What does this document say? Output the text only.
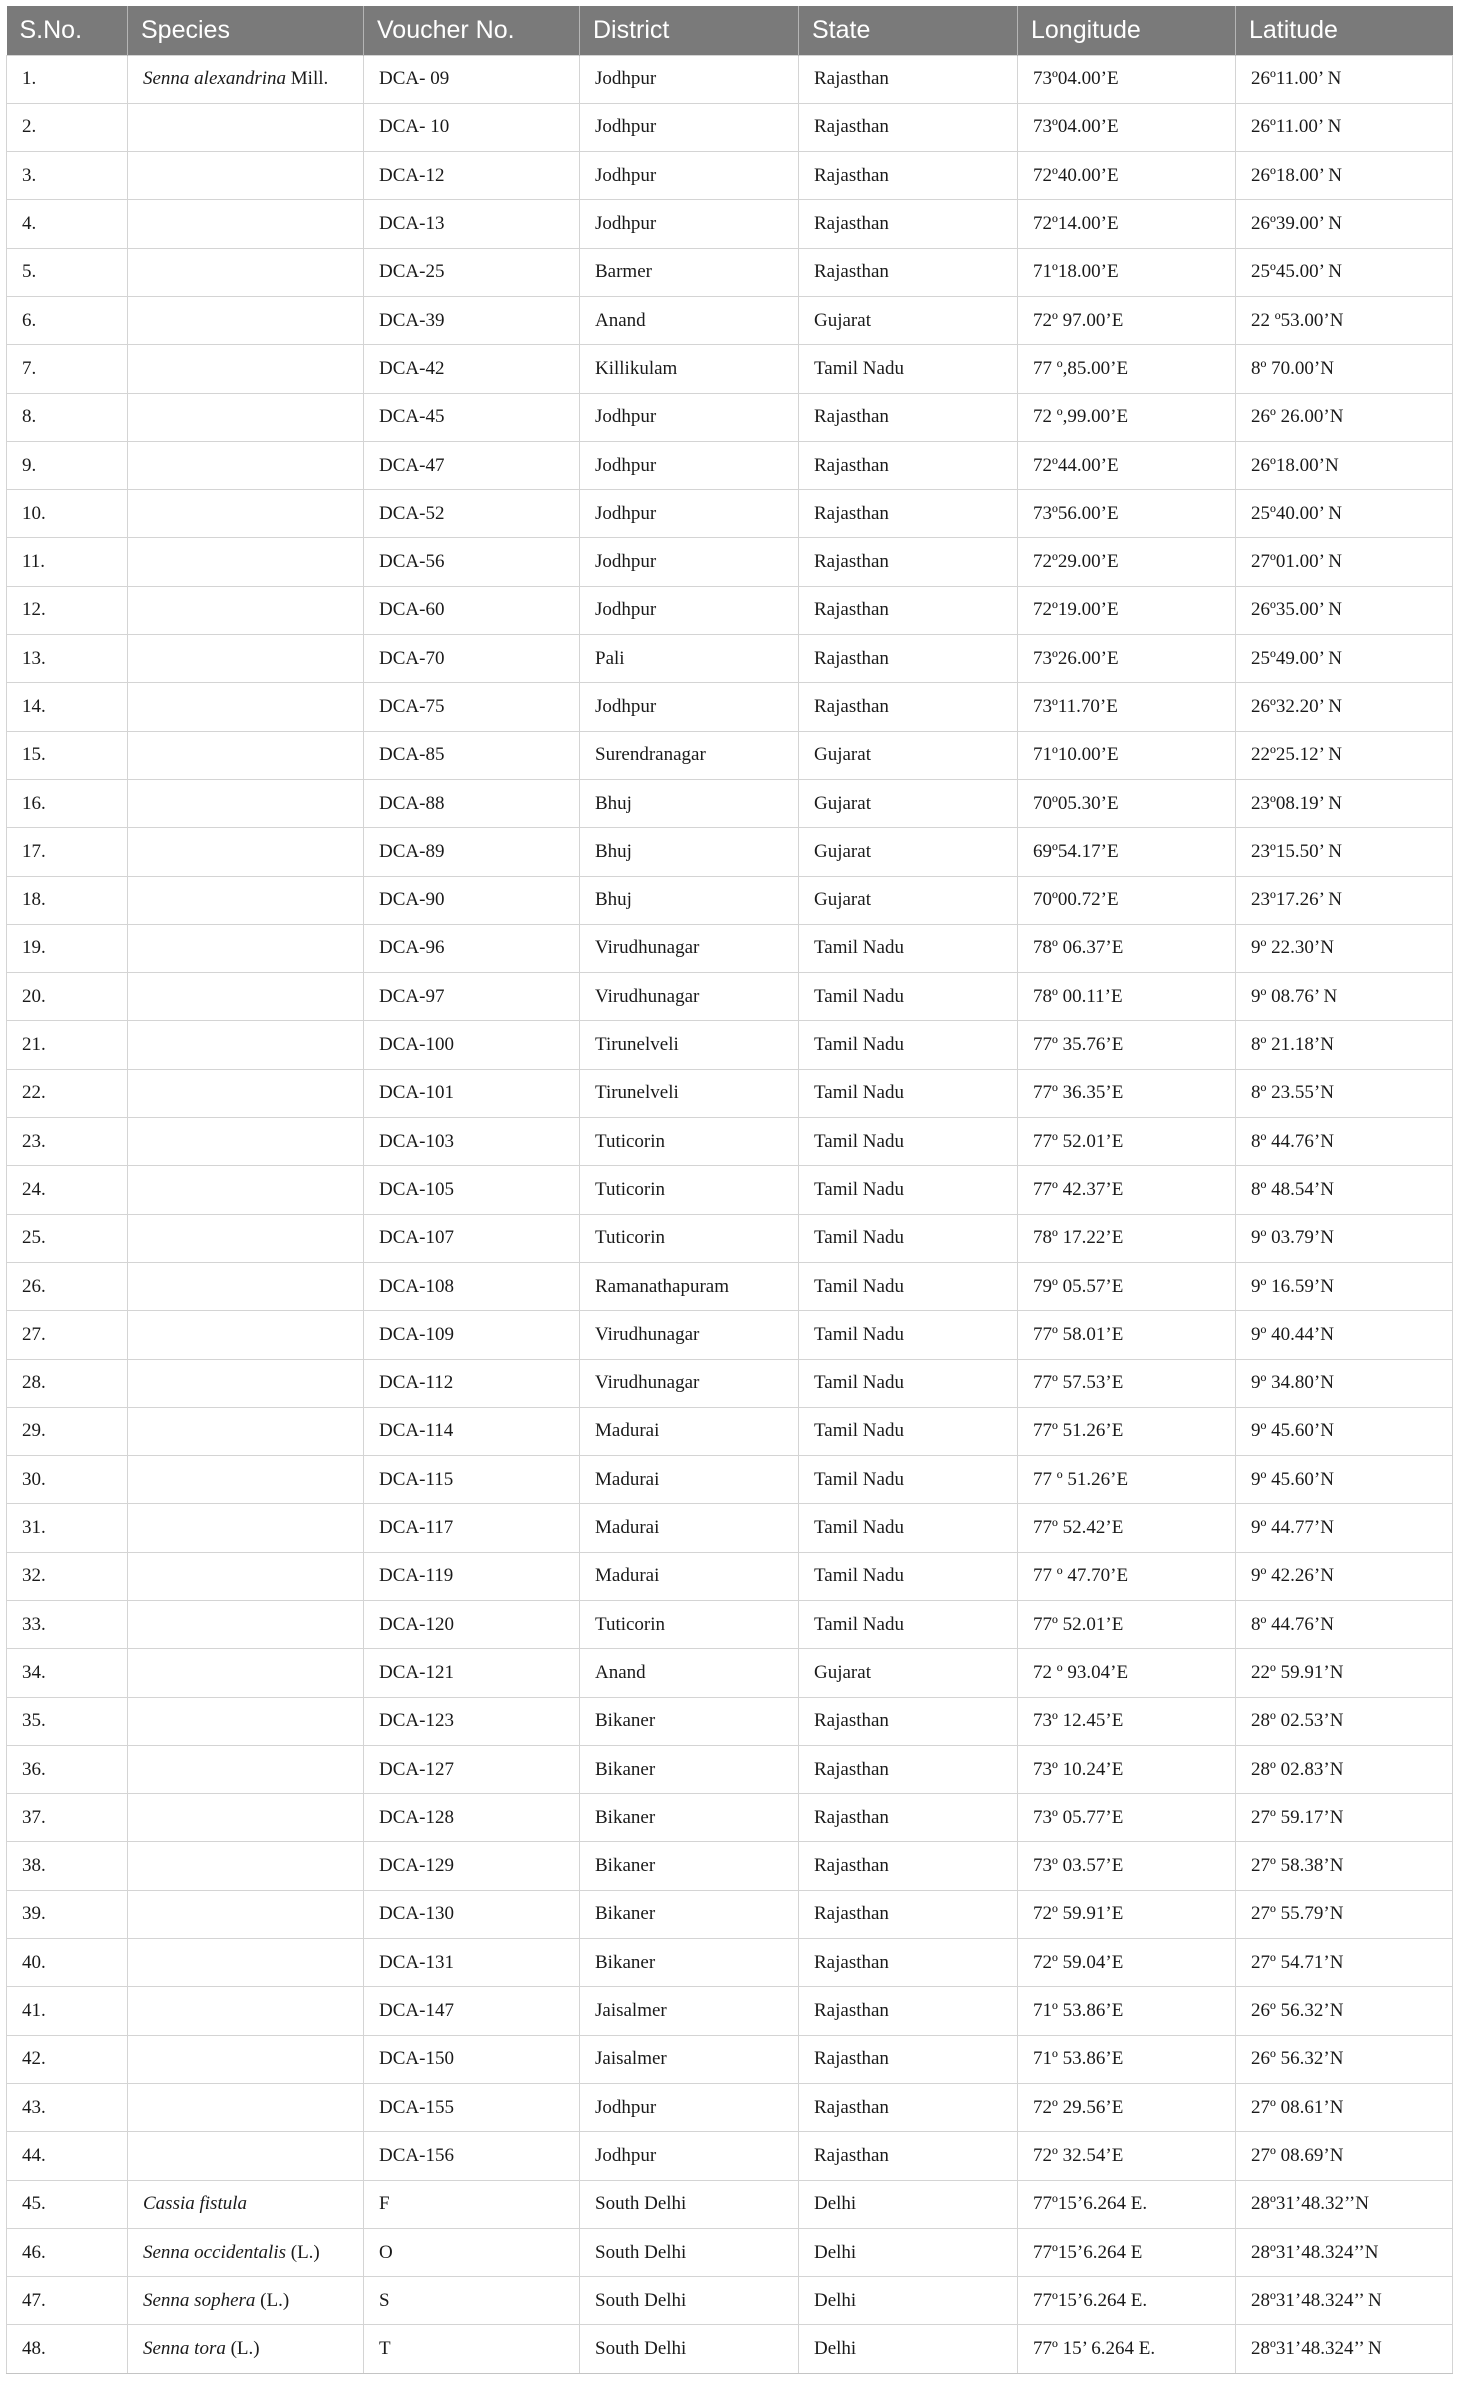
S.No.	Species	Voucher No.	District	State	Longitude	Latitude
1.	Senna alexandrina Mill.	DCA- 09	Jodhpur	Rajasthan	73º04.00’E	26º11.00’ N
2.		DCA- 10	Jodhpur	Rajasthan	73º04.00’E	26º11.00’ N
3.		DCA-12	Jodhpur	Rajasthan	72º40.00’E	26º18.00’ N
4.		DCA-13	Jodhpur	Rajasthan	72º14.00’E	26º39.00’ N
5.		DCA-25	Barmer	Rajasthan	71º18.00’E	25º45.00’ N
6.		DCA-39	Anand	Gujarat	72º 97.00’E	22 º53.00’N
7.		DCA-42	Killikulam	Tamil Nadu	77 º,85.00’E	8º 70.00’N
8.		DCA-45	Jodhpur	Rajasthan	72 º,99.00’E	26º 26.00’N
9.		DCA-47	Jodhpur	Rajasthan	72º44.00’E	26º18.00’N
10.		DCA-52	Jodhpur	Rajasthan	73º56.00’E	25º40.00’ N
11.		DCA-56	Jodhpur	Rajasthan	72º29.00’E	27º01.00’ N
12.		DCA-60	Jodhpur	Rajasthan	72º19.00’E	26º35.00’ N
13.		DCA-70	Pali	Rajasthan	73º26.00’E	25º49.00’ N
14.		DCA-75	Jodhpur	Rajasthan	73º11.70’E	26º32.20’ N
15.		DCA-85	Surendranagar	Gujarat	71º10.00’E	22º25.12’ N
16.		DCA-88	Bhuj	Gujarat	70º05.30’E	23º08.19’ N
17.		DCA-89	Bhuj	Gujarat	69º54.17’E	23º15.50’ N
18.		DCA-90	Bhuj	Gujarat	70º00.72’E	23º17.26’ N
19.		DCA-96	Virudhunagar	Tamil Nadu	78º 06.37’E	9º 22.30’N
20.		DCA-97	Virudhunagar	Tamil Nadu	78º 00.11’E	9º 08.76’ N
21.		DCA-100	Tirunelveli	Tamil Nadu	77º 35.76’E	8º 21.18’N
22.		DCA-101	Tirunelveli	Tamil Nadu	77º 36.35’E	8º 23.55’N
23.		DCA-103	Tuticorin	Tamil Nadu	77º 52.01’E	8º 44.76’N
24.		DCA-105	Tuticorin	Tamil Nadu	77º 42.37’E	8º 48.54’N
25.		DCA-107	Tuticorin	Tamil Nadu	78º 17.22’E	9º 03.79’N
26.		DCA-108	Ramanathapuram	Tamil Nadu	79º 05.57’E	9º 16.59’N
27.		DCA-109	Virudhunagar	Tamil Nadu	77º 58.01’E	9º 40.44’N
28.		DCA-112	Virudhunagar	Tamil Nadu	77º 57.53’E	9º 34.80’N
29.		DCA-114	Madurai	Tamil Nadu	77º 51.26’E	9º 45.60’N
30.		DCA-115	Madurai	Tamil Nadu	77 º 51.26’E	9º 45.60’N
31.		DCA-117	Madurai	Tamil Nadu	77º 52.42’E	9º 44.77’N
32.		DCA-119	Madurai	Tamil Nadu	77 º 47.70’E	9º 42.26’N
33.		DCA-120	Tuticorin	Tamil Nadu	77º 52.01’E	8º 44.76’N
34.		DCA-121	Anand	Gujarat	72 º 93.04’E	22º 59.91’N
35.		DCA-123	Bikaner	Rajasthan	73º 12.45’E	28º 02.53’N
36.		DCA-127	Bikaner	Rajasthan	73º 10.24’E	28º 02.83’N
37.		DCA-128	Bikaner	Rajasthan	73º 05.77’E	27º 59.17’N
38.		DCA-129	Bikaner	Rajasthan	73º 03.57’E	27º 58.38’N
39.		DCA-130	Bikaner	Rajasthan	72º 59.91’E	27º 55.79’N
40.		DCA-131	Bikaner	Rajasthan	72º 59.04’E	27º 54.71’N
41.		DCA-147	Jaisalmer	Rajasthan	71º 53.86’E	26º 56.32’N
42.		DCA-150	Jaisalmer	Rajasthan	71º 53.86’E	26º 56.32’N
43.		DCA-155	Jodhpur	Rajasthan	72º 29.56’E	27º 08.61’N
44.		DCA-156	Jodhpur	Rajasthan	72º 32.54’E	27º 08.69’N
45.	Cassia fistula	F	South Delhi	Delhi	77º15’6.264 E.	28º31’48.32’’N
46.	Senna occidentalis (L.)	O	South Delhi	Delhi	77º15’6.264 E	28º31’48.324’’N
47.	Senna sophera (L.)	S	South Delhi	Delhi	77º15’6.264 E.	28º31’48.324’’ N
48.	Senna tora (L.)	T	South Delhi	Delhi	77º 15’ 6.264 E.	28º31’48.324’’ N
